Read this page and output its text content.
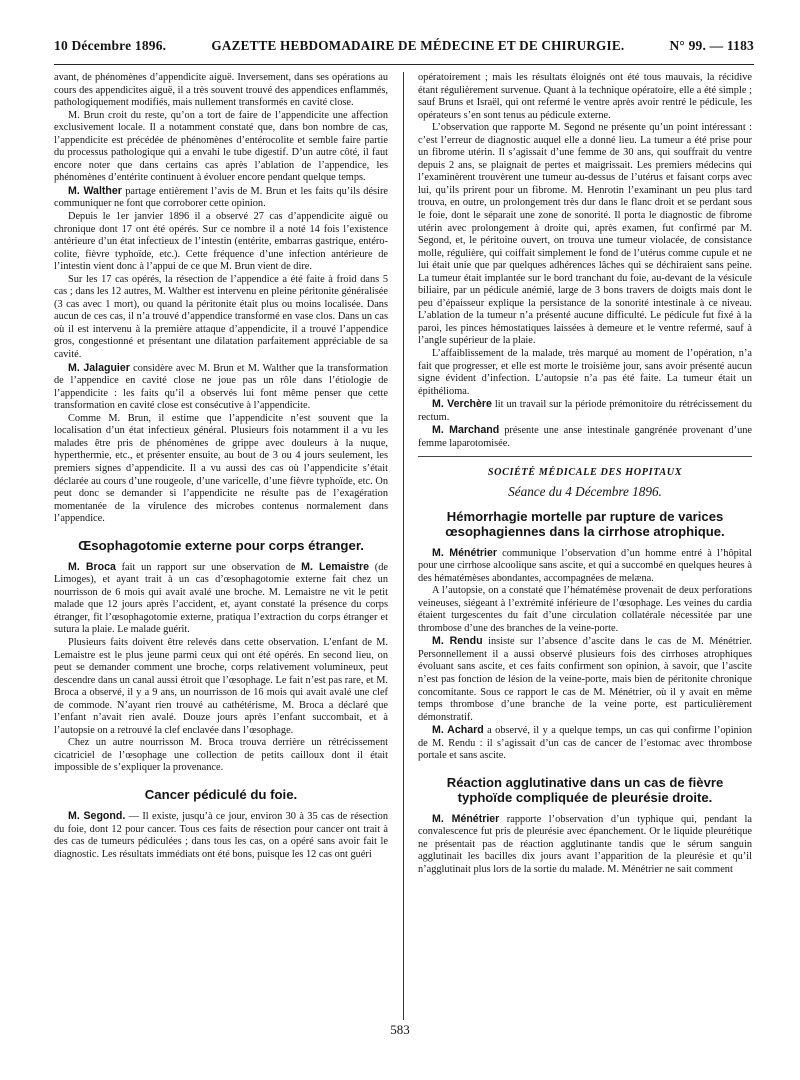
10 Décembre 1896.	GAZETTE HEBDOMADAIRE DE MÉDECINE ET DE CHIRURGIE.	N° 99. — 1183

avant, de phénomènes d’appendicite aiguë. Inversement, dans ses opérations au cours des appendicites aiguë, il a très souvent trouvé des appendices enflammés, pathologiquement modifiés, mais nullement transformés en cavité close.

M. Brun croit du reste, qu’on a tort de faire de l’appendicite une affection exclusivement locale. Il a notamment constaté que, dans bon nombre de cas, l’appendicite est précédée de phénomènes d’entérocolite et semble faire partie du processus pathologique qui a envahi le tube digestif. D’un autre côté, il faut encore noter que dans certains cas après l’ablation de l’appendice, les phénomènes d’entérite continuent à évoluer encore pendant quelque temps.

M. Walther partage entièrement l’avis de M. Brun et les faits qu’ils désire communiquer ne font que corroborer cette opinion.

Depuis le 1er janvier 1896 il a observé 27 cas d’appendicite aiguë ou chronique dont 17 ont été opérés. Sur ce nombre il a noté 14 fois l’existence antérieure d’un état infectieux de l’intestin (entérite, embarras gastrique, entéro-colite, fièvre typhoïde, etc.). Cette fréquence d’une infection antérieure de l’intestin vient donc à l’appui de ce que M. Brun vient de dire.

Sur les 17 cas opérés, la résection de l’appendice a été faite à froid dans 5 cas ; dans les 12 autres, M. Walther est intervenu en pleine péritonite généralisée (3 cas avec 1 mort), ou quand la péritonite était plus ou moins localisée. Dans aucun de ces cas, il n’a trouvé d’appendice transformé en vase clos. Dans un cas où il est intervenu à la première attaque d’appendicite, il a trouvé l’appendice gros, congestionné et présentant une dilatation parfaitement appréciable de sa cavité.

M. Jalaguier considère avec M. Brun et M. Walther que la transformation de l’appendice en cavité close ne joue pas un rôle dans l’étiologie de l’appendicite : les faits qu’il a observés lui font même penser que cette transformation en cavité close est consécutive à l’appendicite.

Comme M. Brun, il estime que l’appendicite n’est souvent que la localisation d’un état infectieux général. Plusieurs fois notamment il a vu les malades être pris de phénomènes de grippe avec douleurs à la nuque, hyperthermie, etc., et présenter ensuite, au bout de 3 ou 4 jours seulement, les premiers signes d’appendicite. Il a vu aussi des cas où l’appendicite s’était déclarée au cours d’une rougeole, d’une varicelle, d’une fièvre typhoïde, etc. On peut donc se demander si l’appendicite ne résulte pas de l’exagération momentanée de la virulence des microbes contenus normalement dans l’appendice.

Œsophagotomie externe pour corps étranger.

M. Broca fait un rapport sur une observation de M. Lemaistre (de Limoges), et ayant trait à un cas d’œsophagotomie externe fait chez un nourrisson de 6 mois qui avait avalé une broche. M. Lemaistre ne vit le petit malade que 12 jours après l’accident, et, ayant constaté la présence du corps étranger, fit l’œsophagotomie externe, pratiqua l’extraction du corps étranger et sutura la plaie. Le malade guérit.

Plusieurs faits doivent être relevés dans cette observation. L’enfant de M. Lemaistre est le plus jeune parmi ceux qui ont été opérés. En second lieu, on peut se demander comment une broche, corps relativement volumineux, peut descendre dans un canal aussi étroit que l’œsophage. Le fait n’est pas rare, et M. Broca a observé, il y a 9 ans, un nourrisson de 16 mois qui avait avalé une clef de commode. N’ayant rien trouvé au cathétérisme, M. Broca a déclaré que l’enfant n’avait rien avalé. Douze jours après l’enfant succombait, et à l’autopsie on a retrouvé la clef enclavée dans l’œsophage.

Chez un autre nourrisson M. Broca trouva derrière un rétrécissement cicatriciel de l’œsophage une collection de petits cailloux dont il était impossible de s’expliquer la provenance.

Cancer pédiculé du foie.

M. Segond. — Il existe, jusqu’à ce jour, environ 30 à 35 cas de résection du foie, dont 12 pour cancer. Tous ces faits de résection pour cancer ont trait à des cas de tumeurs pédiculées ; dans tous les cas, on a opéré sans avoir fait le diagnostic. Les résultats immédiats ont été bons, puisque les 12 cas ont guéri

opératoirement ; mais les résultats éloignés ont été tous mauvais, la récidive étant régulièrement survenue. Quant à la technique opératoire, elle a été simple ; sauf Bruns et Israël, qui ont refermé le ventre après avoir rentré le pédicule, les opérateurs s’en sont tenus au pédicule externe.

L’observation que rapporte M. Segond ne présente qu’un point intéressant : c’est l’erreur de diagnostic auquel elle a donné lieu. La tumeur a été prise pour un fibrome utérin. Il s’agissait d’une femme de 30 ans, qui souffrait du ventre depuis 2 ans, se plaignait de pertes et maigrissait. Les premiers médecins qui l’examinèrent trouvèrent une tumeur au-dessus de l’utérus et faisant corps avec lui, qu’ils prirent pour un fibrome. M. Henrotin l’examinant un peu plus tard trouva, en outre, un prolongement très dur dans le flanc droit et se perdant sous le foie, dont le séparait une zone de sonorité. Il porta le diagnostic de fibrome utérin avec prolongement à droite qui, après examen, fut confirmé par M. Segond, et, le péritoine ouvert, on trouva une tumeur violacée, de consistance molle, régulière, qui coiffait simplement le fond de l’utérus comme cupule et ne lui était unie que par quelques adhérences lâches qui se déchiraient sans peine. La tumeur était implantée sur le bord tranchant du foie, au-devant de la vésicule biliaire, par un pédicule anémié, large de 3 bons travers de doigts mais dont le peu d’épaisseur explique la persistance de la sonorité intestinale à ce niveau. L’ablation de la tumeur n’a présenté aucune difficulté. Le pédicule fut fixé à la paroi, les pinces hémostatiques laissées à demeure et le ventre refermé, sauf à l’angle supérieur de la plaie.

L’affaiblissement de la malade, très marqué au moment de l’opération, n’a fait que progresser, et elle est morte le troisième jour, sans avoir présenté aucun signe évident d’infection. L’autopsie n’a pas été faite. La tumeur était un épithélioma.

M. Verchère lit un travail sur la période prémonitoire du rétrécissement du rectum.

M. Marchand présente une anse intestinale gangrénée provenant d’une femme laparotomisée.

SOCIÉTÉ MÉDICALE DES HOPITAUX
Séance du 4 Décembre 1896.
Hémorrhagie mortelle par rupture de varices œsophagiennes dans la cirrhose atrophique.

M. Ménétrier communique l’observation d’un homme entré à l’hôpital pour une cirrhose alcoolique sans ascite, et qui a succombé en quelques heures à des hématémèses abondantes, accompagnées de melæna.

A l’autopsie, on a constaté que l’hématémèse provenait de deux perforations veineuses, siégeant à l’extrémité inférieure de l’œsophage. Les veines du cardia étaient turgescentes du fait d’une circulation collatérale nécessitée par une thrombose d’une des branches de la veine-porte.

M. Rendu insiste sur l’absence d’ascite dans le cas de M. Ménétrier. Personnellement il a aussi observé plusieurs fois des cirrhoses atrophiques évoluant sans ascite, et ces faits confirment son opinion, à savoir, que l’ascite n’est pas fonction de lésion de la veine-porte, mais bien de péritonite chronique concomitante. Sous ce rapport le cas de M. Ménétrier, où il y avait en même temps thrombose d’une branche de la veine porte, est particulièrement démonstratif.

M. Achard a observé, il y a quelque temps, un cas qui confirme l’opinion de M. Rendu : il s’agissait d’un cas de cancer de l’estomac avec thrombose portale et sans ascite.

Réaction agglutinative dans un cas de fièvre typhoïde compliquée de pleurésie droite.

M. Ménétrier rapporte l’observation d’un typhique qui, pendant la convalescence fut pris de pleurésie avec épanchement. Or le liquide pleurétique ne présentait pas de réaction agglutinante tandis que le sérum sanguin agglutinait les bacilles dix jours avant l’apparition de la pleurésie et qu’il n’agglutinait plus lors de la sortie du malade. M. Ménétrier ne sait comment

583
